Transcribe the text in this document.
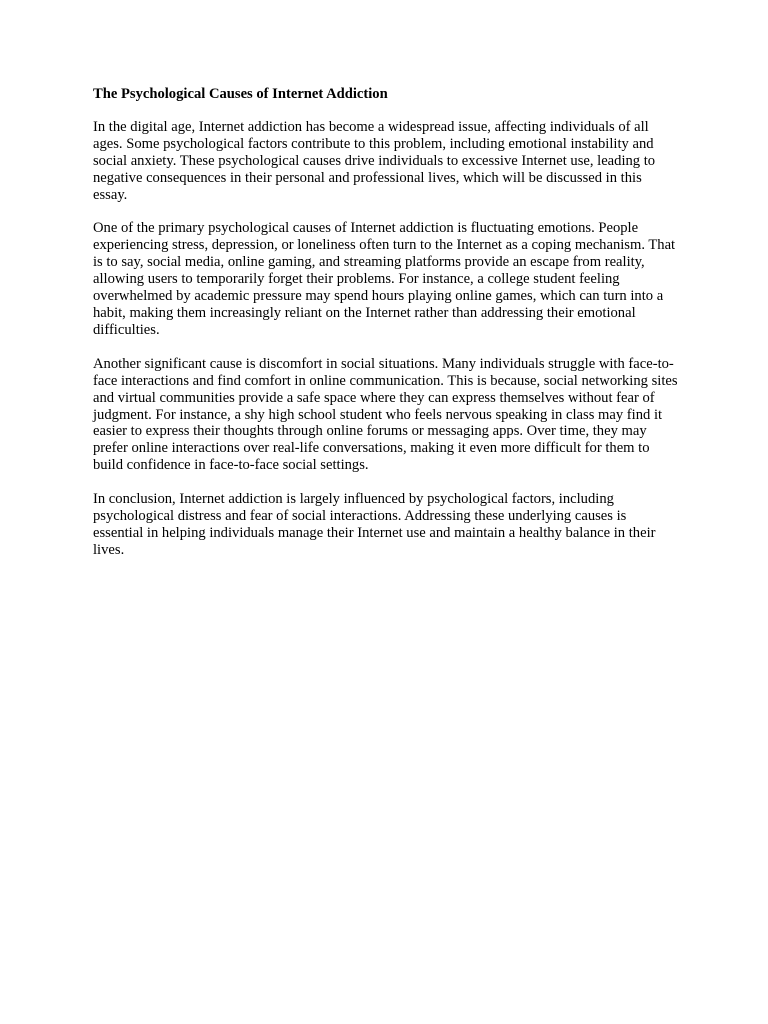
The Psychological Causes of Internet Addiction

In the digital age, Internet addiction has become a widespread issue, affecting individuals of all ages. Some psychological factors contribute to this problem, including emotional instability and social anxiety. These psychological causes drive individuals to excessive Internet use, leading to negative consequences in their personal and professional lives, which will be discussed in this essay.

One of the primary psychological causes of Internet addiction is fluctuating emotions. People experiencing stress, depression, or loneliness often turn to the Internet as a coping mechanism. That is to say, social media, online gaming, and streaming platforms provide an escape from reality, allowing users to temporarily forget their problems. For instance, a college student feeling overwhelmed by academic pressure may spend hours playing online games, which can turn into a habit, making them increasingly reliant on the Internet rather than addressing their emotional difficulties.

Another significant cause is discomfort in social situations. Many individuals struggle with face-to-face interactions and find comfort in online communication. This is because, social networking sites and virtual communities provide a safe space where they can express themselves without fear of judgment. For instance, a shy high school student who feels nervous speaking in class may find it easier to express their thoughts through online forums or messaging apps. Over time, they may prefer online interactions over real-life conversations, making it even more difficult for them to build confidence in face-to-face social settings.

In conclusion, Internet addiction is largely influenced by psychological factors, including psychological distress and fear of social interactions. Addressing these underlying causes is essential in helping individuals manage their Internet use and maintain a healthy balance in their lives.
